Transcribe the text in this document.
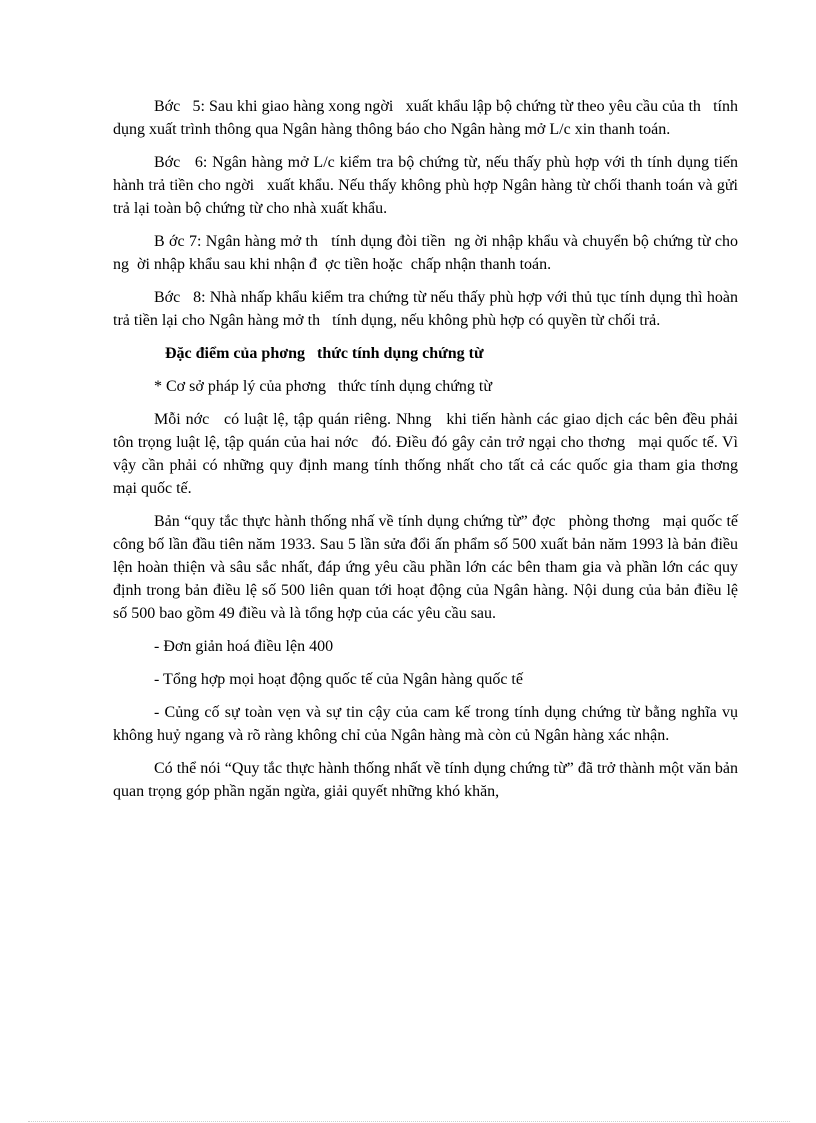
Bớc   5: Sau khi giao hàng xong ngời   xuất khẩu lập bộ chứng từ theo yêu cầu của th   tính dụng xuất trình thông qua Ngân hàng thông báo cho Ngân hàng mở L/c xin thanh toán.

Bớc   6: Ngân hàng mở L/c kiểm tra bộ chứng từ, nếu thấy phù hợp với th tính dụng tiến hành trả tiền cho ngời   xuất khẩu. Nếu thấy không phù hợp Ngân hàng từ chối thanh toán và gửi trả lại toàn bộ chứng từ cho nhà xuất khẩu.

B ớc 7: Ngân hàng mở th   tính dụng đòi tiền  ng ời nhập khẩu và chuyển bộ chứng từ cho ng  ời nhập khẩu sau khi nhận đ  ợc tiền hoặc  chấp nhận thanh toán.

Bớc   8: Nhà nhấp khẩu kiểm tra chứng từ nếu thấy phù hợp với thủ tục tính dụng thì hoàn trả tiền lại cho Ngân hàng mở th   tính dụng, nếu không phù hợp có quyền từ chối trả.

Đặc điểm của phơng   thức tính dụng chứng từ

* Cơ sở pháp lý của phơng   thức tính dụng chứng từ

Mỗi nớc   có luật lệ, tập quán riêng. Nhng   khi tiến hành các giao dịch các bên đều phải tôn trọng luật lệ, tập quán của hai nớc   đó. Điều đó gây cản trở ngại cho thơng   mại quốc tế. Vì vậy cần phải có những quy định mang tính thống nhất cho tất cả các quốc gia tham gia thơng   mại quốc tế.

Bản “quy tắc thực hành thống nhấ về tính dụng chứng từ” đợc   phòng thơng   mại quốc tế công bố lần đầu tiên năm 1933. Sau 5 lần sửa đổi ấn phẩm số 500 xuất bản năm 1993 là bản điều lện hoàn thiện và sâu sắc nhất, đáp ứng yêu cầu phần lớn các bên tham gia và phần lớn các quy định trong bản điều lệ số 500 liên quan tới hoạt động của Ngân hàng. Nội dung của bản điều lệ số 500 bao gồm 49 điều và là tổng hợp của các yêu cầu sau.

- Đơn giản hoá điều lện 400

- Tổng hợp mọi hoạt động quốc tế của Ngân hàng quốc tế

- Củng cố sự toàn vẹn và sự tin cậy của cam kế trong tính dụng chứng từ bằng nghĩa vụ không huỷ ngang và rõ ràng không chỉ của Ngân hàng mà còn củ Ngân hàng xác nhận.

Có thể nói “Quy tắc thực hành thống nhất về tính dụng chứng từ” đã trở thành một văn bản quan trọng góp phần ngăn ngừa, giải quyết những khó khăn,
